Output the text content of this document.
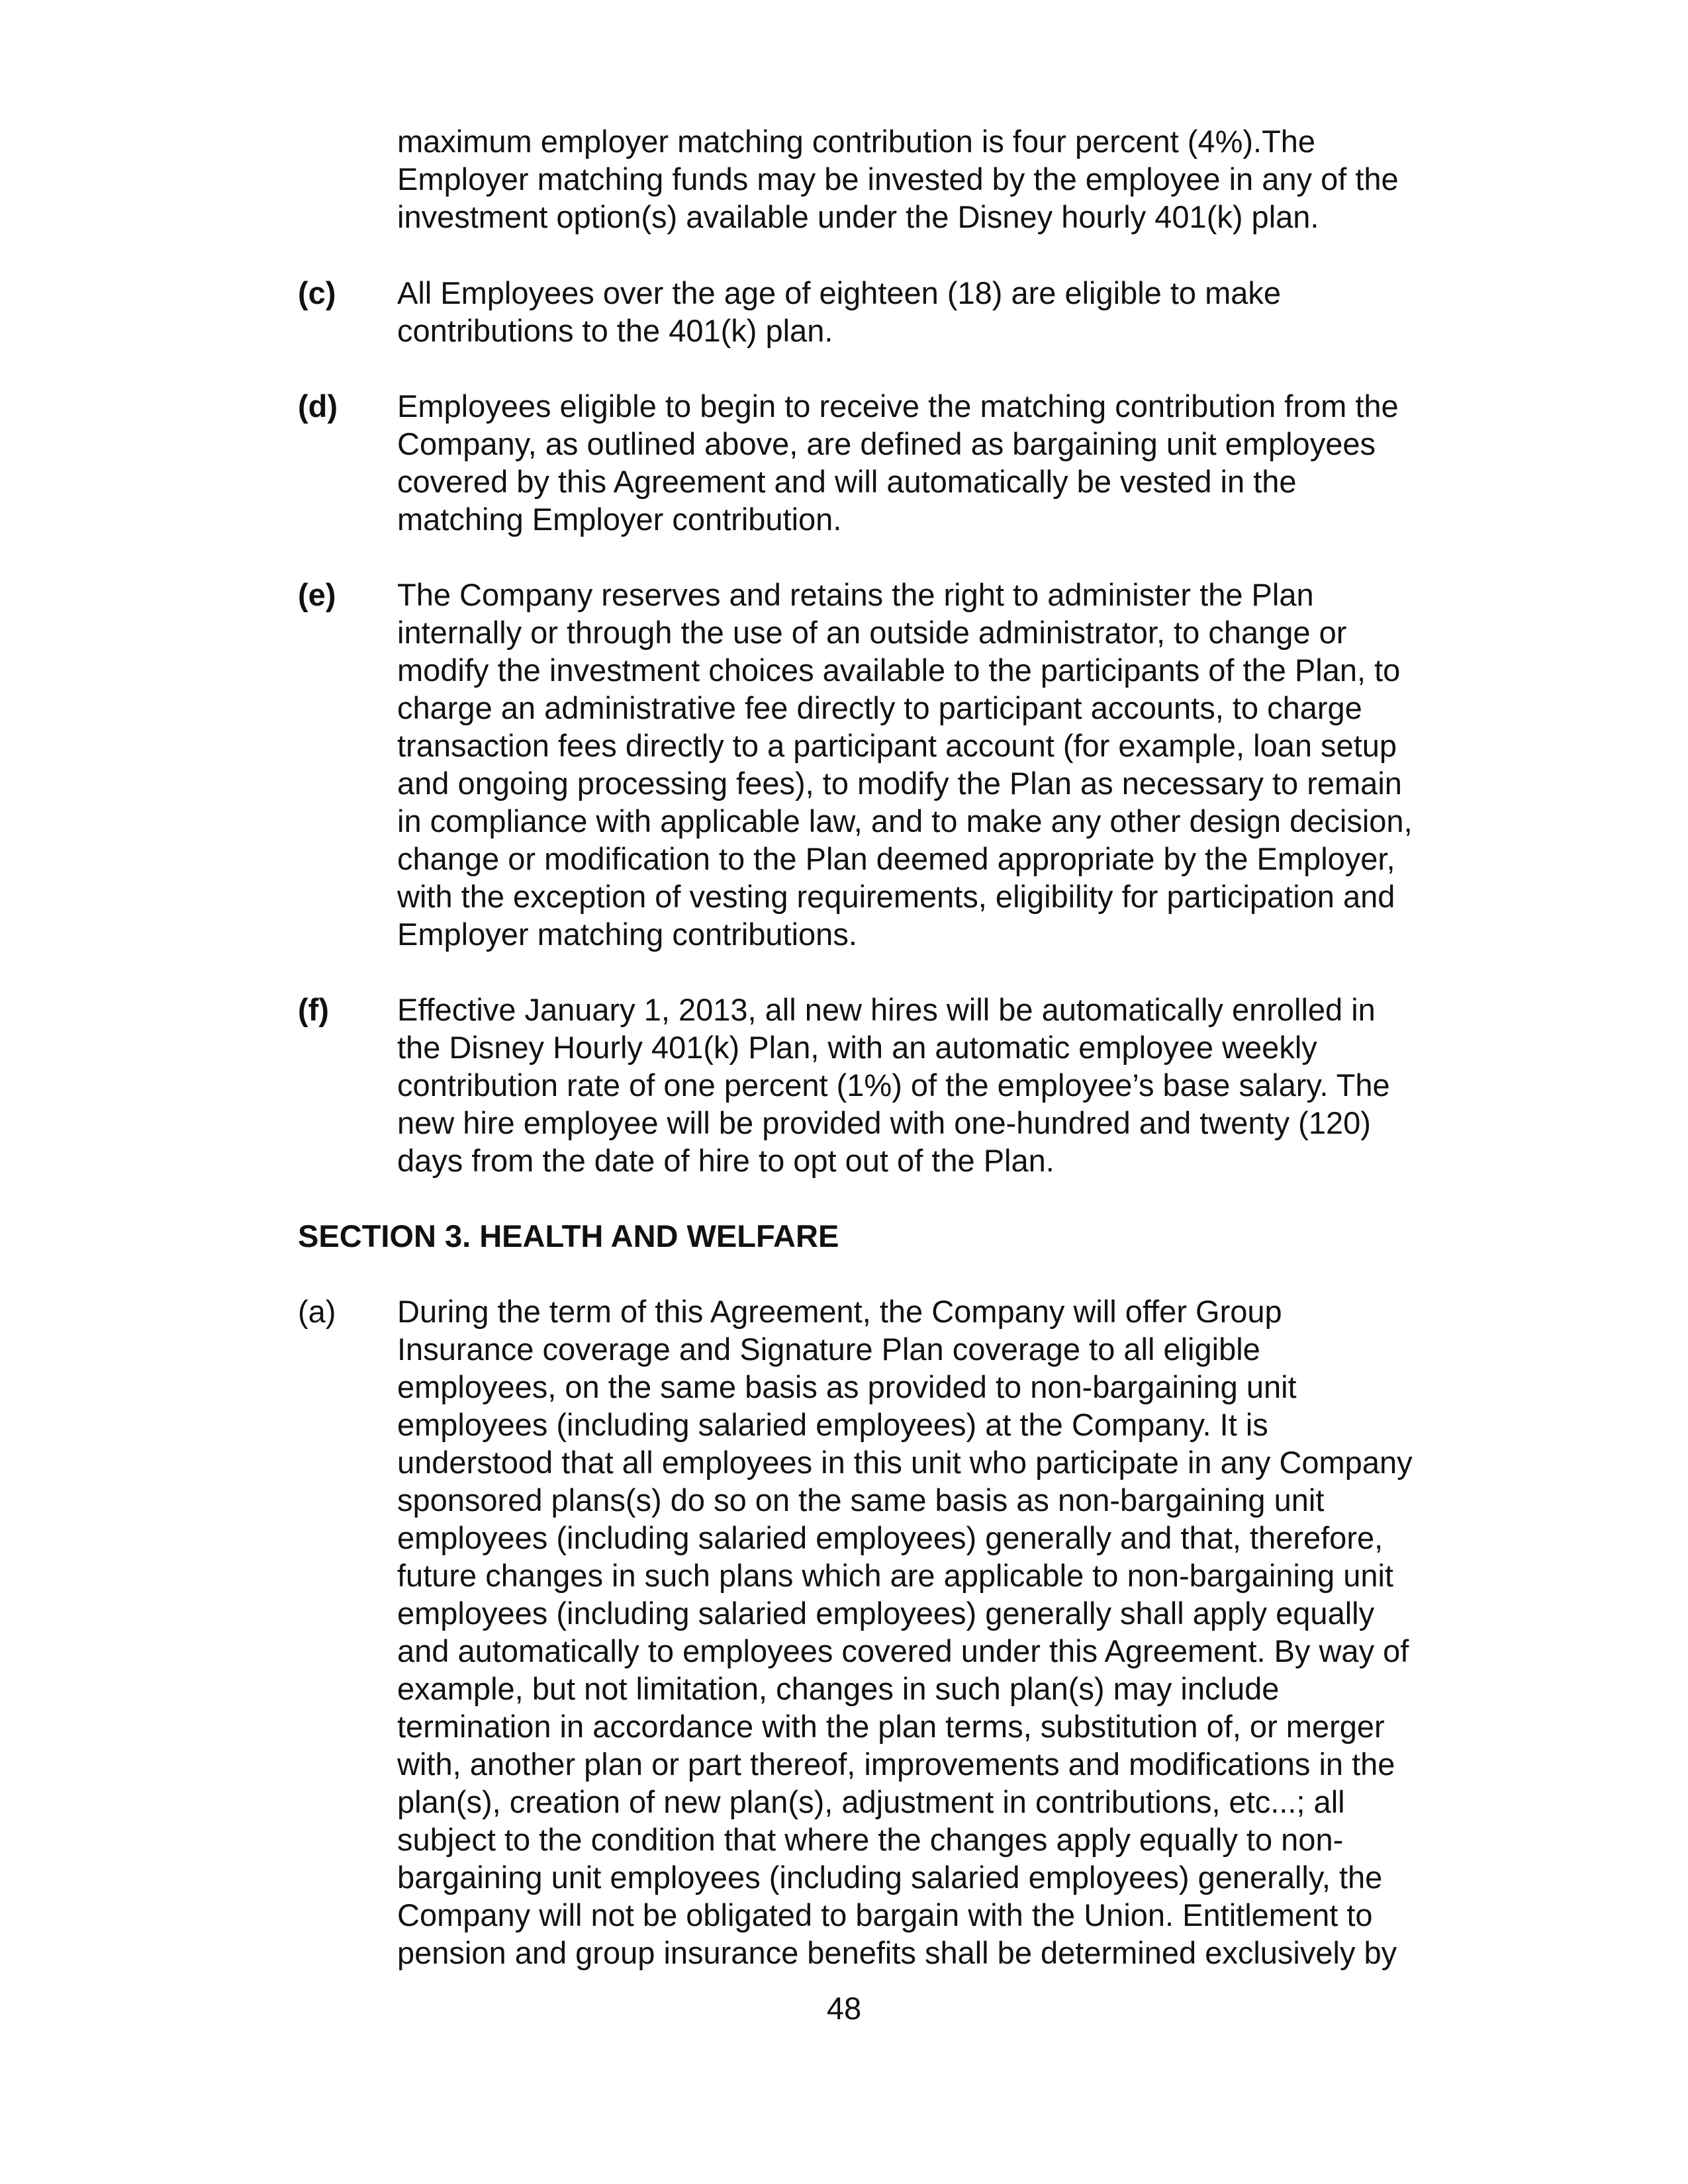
maximum employer matching contribution is four percent (4%).The
Employer matching funds may be invested by the employee in any of the
investment option(s) available under the Disney hourly 401(k) plan.
(c) All Employees over the age of eighteen (18) are eligible to make
contributions to the 401(k) plan.
(d) Employees eligible to begin to receive the matching contribution from the
Company, as outlined above, are defined as bargaining unit employees
covered by this Agreement and will automatically be vested in the
matching Employer contribution.
(e) The Company reserves and retains the right to administer the Plan
internally or through the use of an outside administrator, to change or
modify the investment choices available to the participants of the Plan, to
charge an administrative fee directly to participant accounts, to charge
transaction fees directly to a participant account (for example, loan setup
and ongoing processing fees), to modify the Plan as necessary to remain
in compliance with applicable law, and to make any other design decision,
change or modification to the Plan deemed appropriate by the Employer,
with the exception of vesting requirements, eligibility for participation and
Employer matching contributions.
(f) Effective January 1, 2013, all new hires will be automatically enrolled in
the Disney Hourly 401(k) Plan, with an automatic employee weekly
contribution rate of one percent (1%) of the employee’s base salary. The
new hire employee will be provided with one-hundred and twenty (120)
days from the date of hire to opt out of the Plan.
SECTION 3. HEALTH AND WELFARE
(a) During the term of this Agreement, the Company will offer Group
Insurance coverage and Signature Plan coverage to all eligible
employees, on the same basis as provided to non-bargaining unit
employees (including salaried employees) at the Company. It is
understood that all employees in this unit who participate in any Company
sponsored plans(s) do so on the same basis as non-bargaining unit
employees (including salaried employees) generally and that, therefore,
future changes in such plans which are applicable to non-bargaining unit
employees (including salaried employees) generally shall apply equally
and automatically to employees covered under this Agreement. By way of
example, but not limitation, changes in such plan(s) may include
termination in accordance with the plan terms, substitution of, or merger
with, another plan or part thereof, improvements and modifications in the
plan(s), creation of new plan(s), adjustment in contributions, etc...; all
subject to the condition that where the changes apply equally to non-
bargaining unit employees (including salaried employees) generally, the
Company will not be obligated to bargain with the Union. Entitlement to
pension and group insurance benefits shall be determined exclusively by
48
